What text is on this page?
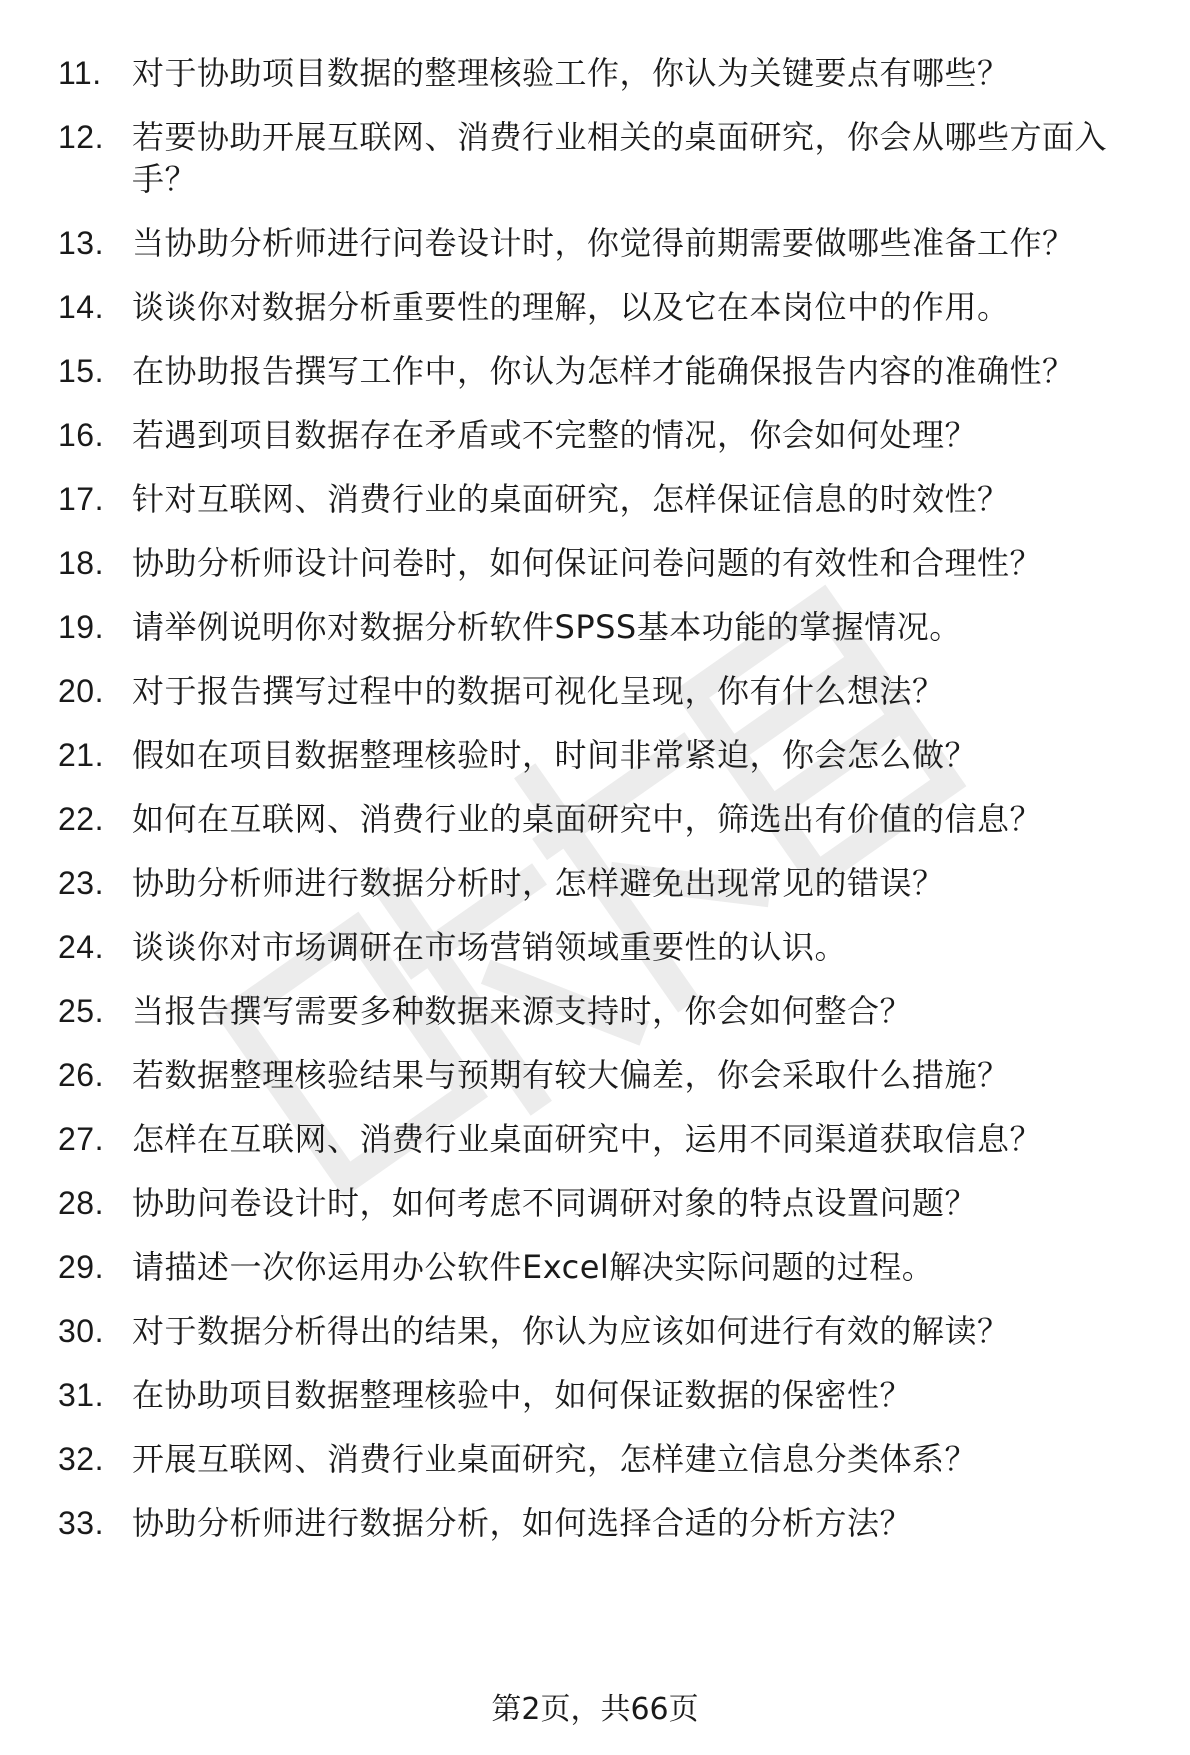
11. 对于协助项目数据的整理核验工作，你认为关键要点有哪些？
12. 若要协助开展互联网、消费行业相关的桌面研究，你会从哪些方面入手？
13. 当协助分析师进行问卷设计时，你觉得前期需要做哪些准备工作？
14. 谈谈你对数据分析重要性的理解，以及它在本岗位中的作用。
15. 在协助报告撰写工作中，你认为怎样才能确保报告内容的准确性？
16. 若遇到项目数据存在矛盾或不完整的情况，你会如何处理？
17. 针对互联网、消费行业的桌面研究，怎样保证信息的时效性？
18. 协助分析师设计问卷时，如何保证问卷问题的有效性和合理性？
19. 请举例说明你对数据分析软件SPSS基本功能的掌握情况。
20. 对于报告撰写过程中的数据可视化呈现，你有什么想法？
21. 假如在项目数据整理核验时，时间非常紧迫，你会怎么做？
22. 如何在互联网、消费行业的桌面研究中，筛选出有价值的信息？
23. 协助分析师进行数据分析时，怎样避免出现常见的错误？
24. 谈谈你对市场调研在市场营销领域重要性的认识。
25. 当报告撰写需要多种数据来源支持时，你会如何整合？
26. 若数据整理核验结果与预期有较大偏差，你会采取什么措施？
27. 怎样在互联网、消费行业桌面研究中，运用不同渠道获取信息？
28. 协助问卷设计时，如何考虑不同调研对象的特点设置问题？
29. 请描述一次你运用办公软件Excel解决实际问题的过程。
30. 对于数据分析得出的结果，你认为应该如何进行有效的解读？
31. 在协助项目数据整理核验中，如何保证数据的保密性？
32. 开展互联网、消费行业桌面研究，怎样建立信息分类体系？
33. 协助分析师进行数据分析，如何选择合适的分析方法？
第2页，共66页
